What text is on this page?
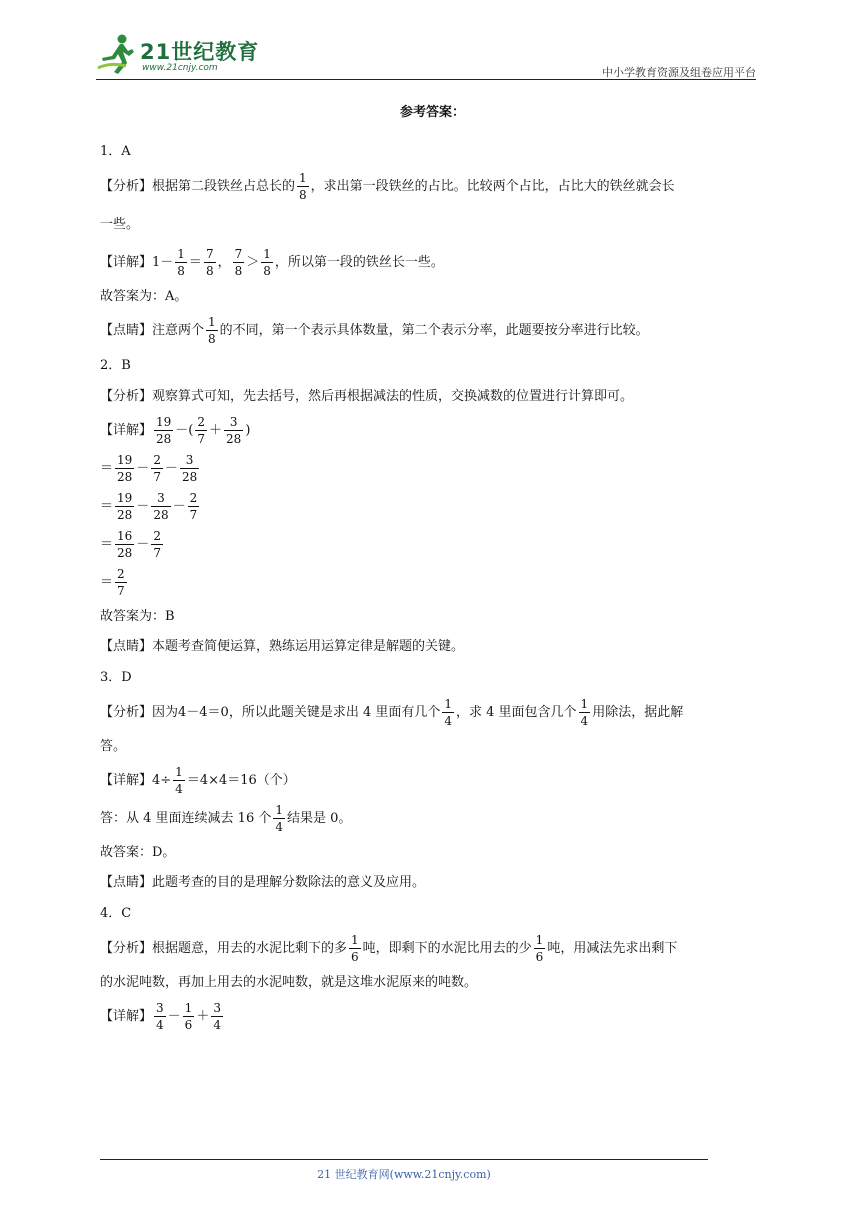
21世纪教育
www.21cnjy.com	中小学教育资源及组卷应用平台
参考答案：
1．A
【分析】根据第二段铁丝占总长的 $\frac{1}{8}$ ，求出第一段铁丝的占比。比较两个占比，占比大的铁丝就会长
一些。
【详解】$1- \frac{1}{8} = \frac{7}{8}$ ， $\frac{7}{8} > \frac{1}{8}$ ，所以第一段的铁丝长一些。
故答案为：A。
【点睛】注意两个 $\frac{1}{8}$ 的不同，第一个表示具体数量，第二个表示分率，此题要按分率进行比较。
2．B
【分析】观察算式可知，先去括号，然后再根据减法的性质，交换减数的位置进行计算即可。
【详解】 $\frac{19}{28}$ －( $\frac{2}{7} + \frac{3}{28}$ )
＝ $\frac{19}{28} - \frac{2}{7} - \frac{3}{28}$
＝ $\frac{19}{28} - \frac{3}{28} - \frac{2}{7}$
＝ $\frac{16}{28} - \frac{2}{7}$
＝ $\frac{2}{7}$
故答案为：B
【点睛】本题考查简便运算，熟练运用运算定律是解题的关键。
3．D
【分析】因为4－4＝0，所以此题关键是求出 4 里面有几个 $\frac{1}{4}$ ，求 4 里面包含几个 $\frac{1}{4}$ 用除法，据此解
答。
【详解】$4\div \frac{1}{4} =4\times 4=16$（个）
答：从 4 里面连续减去 16 个 $\frac{1}{4}$ 结果是 0。
故答案：D。
【点睛】此题考查的目的是理解分数除法的意义及应用。
4．C
【分析】根据题意，用去的水泥比剩下的多 $\frac{1}{6}$ 吨，即剩下的水泥比用去的少 $\frac{1}{6}$ 吨，用减法先求出剩下
的水泥吨数，再加上用去的水泥吨数，就是这堆水泥原来的吨数。
【详解】 $\frac{3}{4} - \frac{1}{6} + \frac{3}{4}$
21 世纪教育网(www.21cnjy.com)
